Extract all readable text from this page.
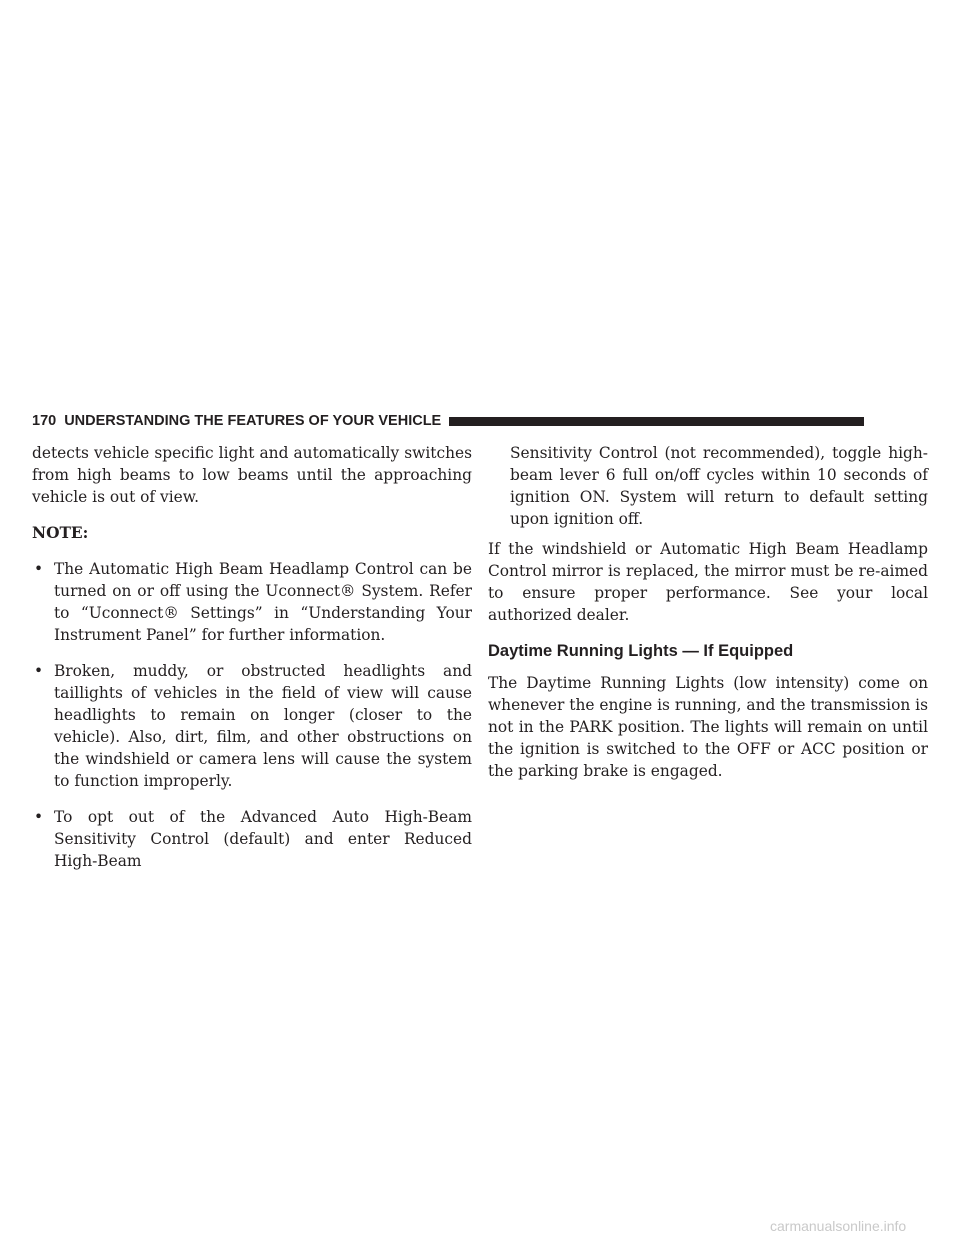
170 UNDERSTANDING THE FEATURES OF YOUR VEHICLE

detects vehicle specific light and automatically switches from high beams to low beams until the approaching vehicle is out of view.

NOTE:

• The Automatic High Beam Headlamp Control can be turned on or off using the Uconnect® System. Refer to “Uconnect® Settings” in “Understanding Your Instrument Panel” for further information.
• Broken, muddy, or obstructed headlights and taillights of vehicles in the field of view will cause headlights to remain on longer (closer to the vehicle). Also, dirt, film, and other obstructions on the windshield or camera lens will cause the system to function improperly.
• To opt out of the Advanced Auto High-Beam Sensitivity Control (default) and enter Reduced High-Beam

Sensitivity Control (not recommended), toggle high-beam lever 6 full on/off cycles within 10 seconds of ignition ON. System will return to default setting upon ignition off.

If the windshield or Automatic High Beam Headlamp Control mirror is replaced, the mirror must be re-aimed to ensure proper performance. See your local authorized dealer.

Daytime Running Lights — If Equipped

The Daytime Running Lights (low intensity) come on whenever the engine is running, and the transmission is not in the PARK position. The lights will remain on until the ignition is switched to the OFF or ACC position or the parking brake is engaged.

carmanualsonline.info
